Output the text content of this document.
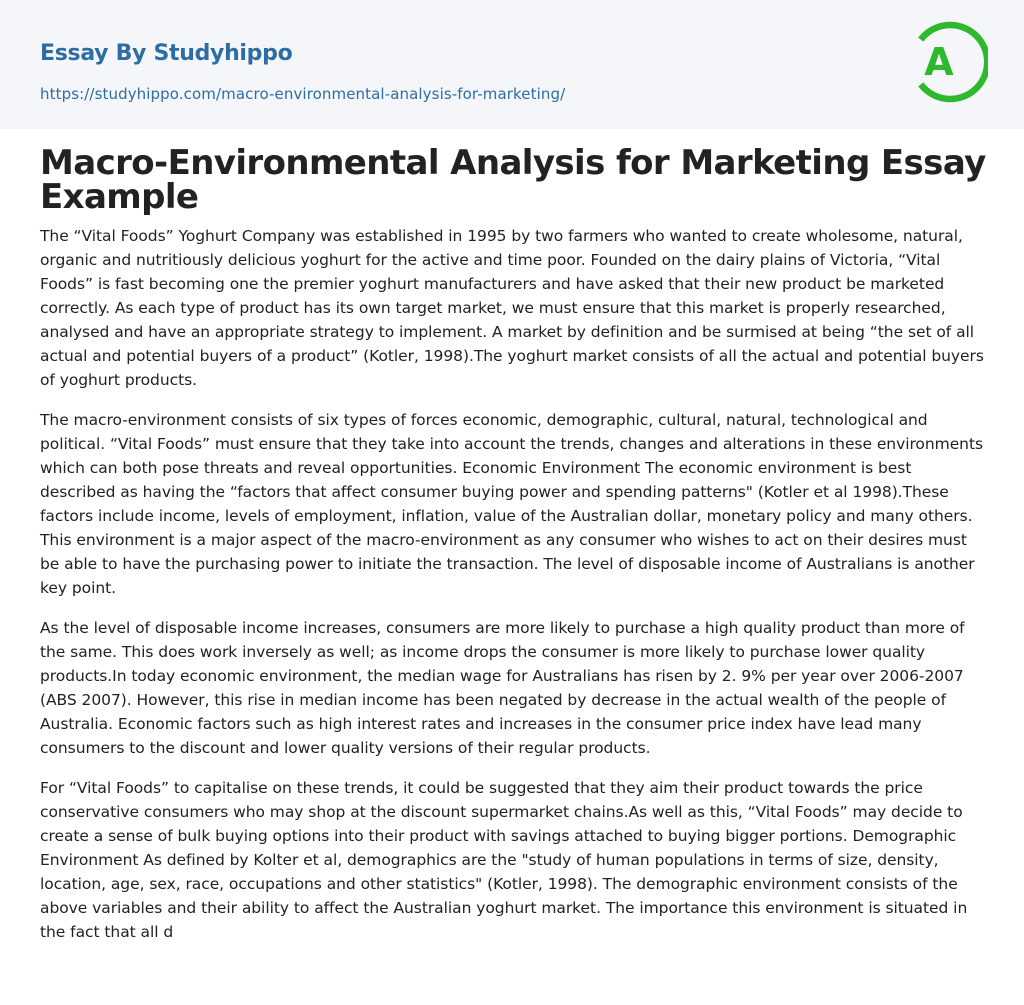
Essay By Studyhippo
https://studyhippo.com/macro-environmental-analysis-for-marketing/
A
Macro-Environmental Analysis for Marketing Essay Example

The “Vital Foods” Yoghurt Company was established in 1995 by two farmers who wanted to create wholesome, natural, organic and nutritiously delicious yoghurt for the active and time poor. Founded on the dairy plains of Victoria, “Vital Foods” is fast becoming one the premier yoghurt manufacturers and have asked that their new product be marketed correctly. As each type of product has its own target market, we must ensure that this market is properly researched, analysed and have an appropriate strategy to implement. A market by definition and be surmised at being “the set of all actual and potential buyers of a product” (Kotler, 1998).The yoghurt market consists of all the actual and potential buyers of yoghurt products.

The macro-environment consists of six types of forces economic, demographic, cultural, natural, technological and political. “Vital Foods” must ensure that they take into account the trends, changes and alterations in these environments which can both pose threats and reveal opportunities. Economic Environment The economic environment is best described as having the “factors that affect consumer buying power and spending patterns" (Kotler et al 1998).These factors include income, levels of employment, inflation, value of the Australian dollar, monetary policy and many others. This environment is a major aspect of the macro-environment as any consumer who wishes to act on their desires must be able to have the purchasing power to initiate the transaction. The level of disposable income of Australians is another key point.

As the level of disposable income increases, consumers are more likely to purchase a high quality product than more of the same. This does work inversely as well; as income drops the consumer is more likely to purchase lower quality products.In today economic environment, the median wage for Australians has risen by 2. 9% per year over 2006-2007 (ABS 2007). However, this rise in median income has been negated by decrease in the actual wealth of the people of Australia. Economic factors such as high interest rates and increases in the consumer price index have lead many consumers to the discount and lower quality versions of their regular products.

For “Vital Foods” to capitalise on these trends, it could be suggested that they aim their product towards the price conservative consumers who may shop at the discount supermarket chains.As well as this, “Vital Foods” may decide to create a sense of bulk buying options into their product with savings attached to buying bigger portions. Demographic Environment As defined by Kolter et al, demographics are the "study of human populations in terms of size, density, location, age, sex, race, occupations and other statistics" (Kotler, 1998). The demographic environment consists of the above variables and their ability to affect the Australian yoghurt market. The importance this environment is situated in the fact that all d
